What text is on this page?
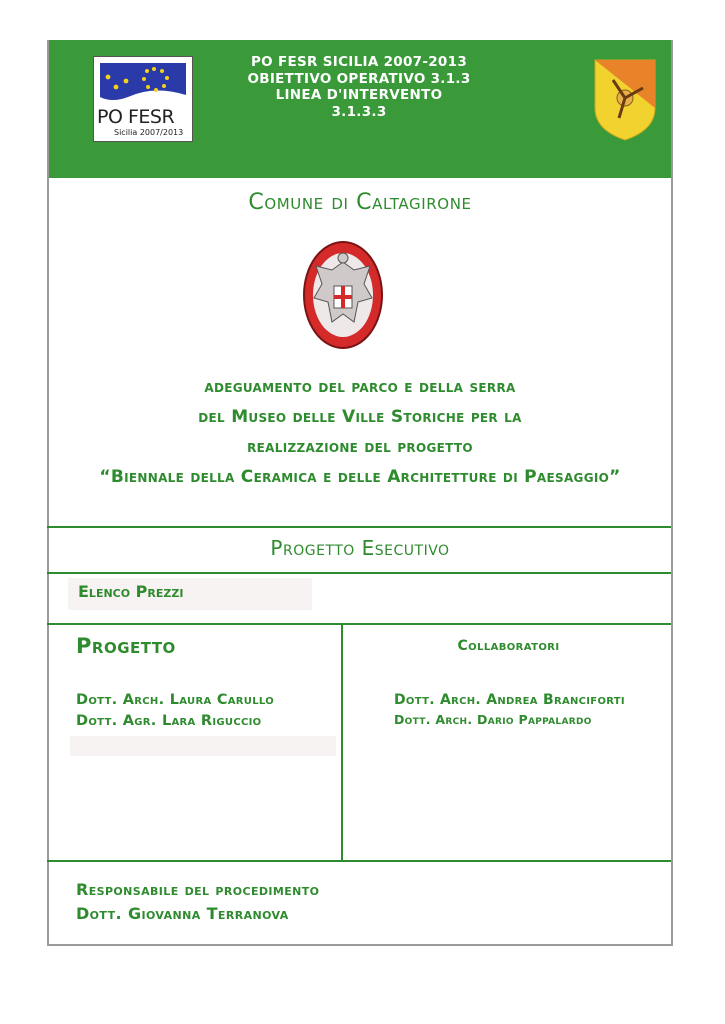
PO FESR
Sicilia 2007/2013
PO FESR SICILIA 2007-2013
OBIETTIVO OPERATIVO 3.1.3
LINEA D'INTERVENTO
3.1.3.3
Comune di Caltagirone
adeguamento del parco e della serra
del Museo delle Ville Storiche per la
realizzazione del progetto
“Biennale della Ceramica e delle Architetture di Paesaggio”
Progetto Esecutivo
Elenco Prezzi
Progetto
Dott. Arch. Laura Carullo
Dott. Agr. Lara Riguccio
Collaboratori
Dott. Arch. Andrea Branciforti
Dott. Arch. Dario Pappalardo
Responsabile del procedimento
Dott. Giovanna Terranova
